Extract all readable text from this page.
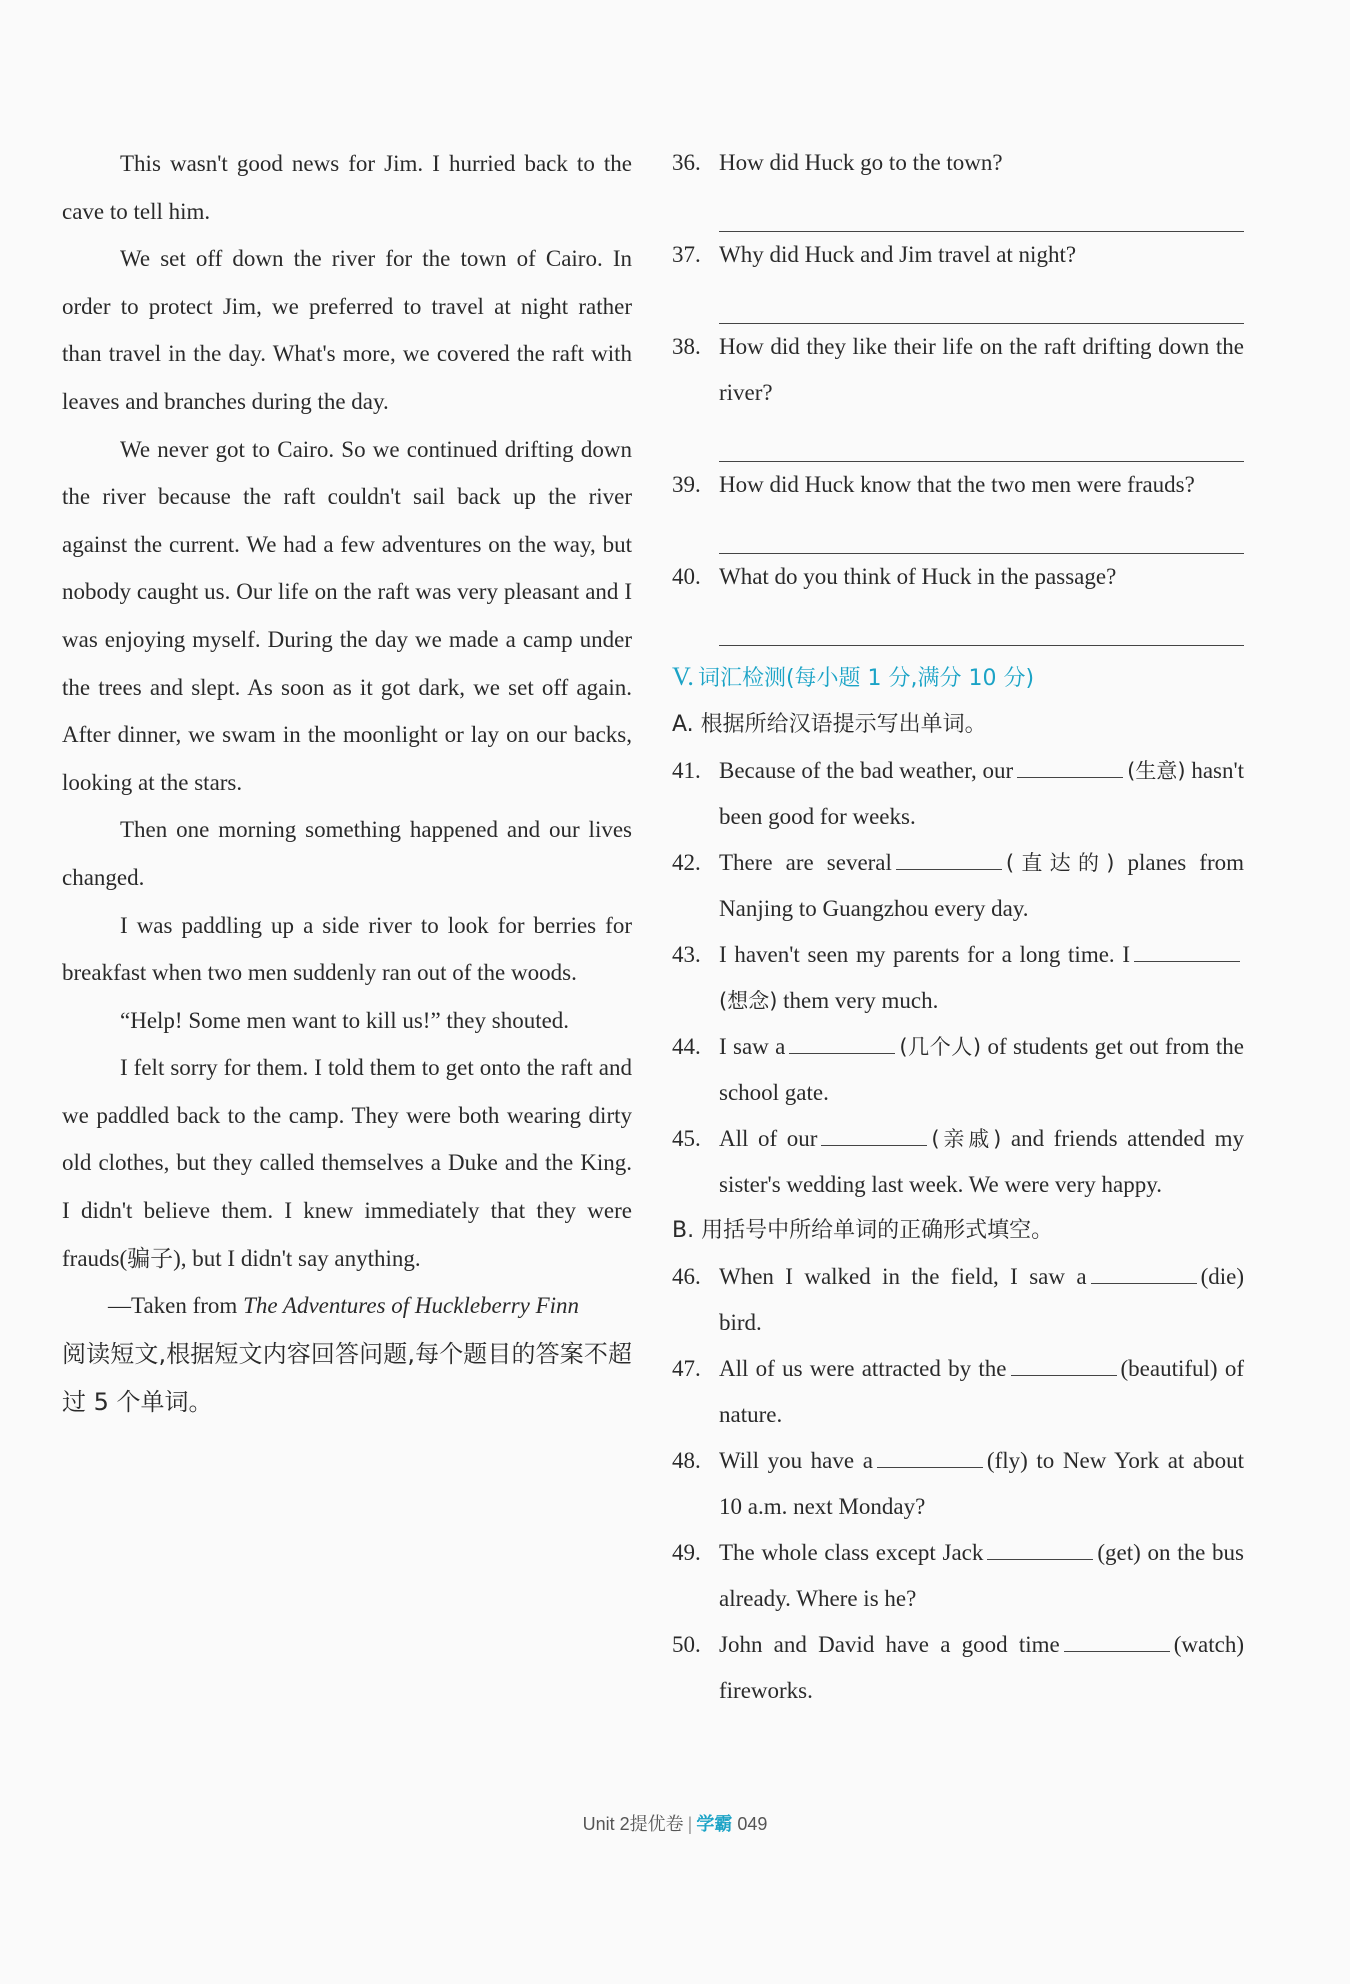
This wasn't good news for Jim. I hurried back to the cave to tell him.

We set off down the river for the town of Cairo. In order to protect Jim, we preferred to travel at night rather than travel in the day. What's more, we covered the raft with leaves and branches during the day.

We never got to Cairo. So we continued drifting down the river because the raft couldn't sail back up the river against the current. We had a few adventures on the way, but nobody caught us. Our life on the raft was very pleasant and I was enjoying myself. During the day we made a camp under the trees and slept. As soon as it got dark, we set off again. After dinner, we swam in the moonlight or lay on our backs, looking at the stars.

Then one morning something happened and our lives changed.

I was paddling up a side river to look for berries for breakfast when two men suddenly ran out of the woods.

“Help! Some men want to kill us!” they shouted.

I felt sorry for them. I told them to get onto the raft and we paddled back to the camp. They were both wearing dirty old clothes, but they called themselves a Duke and the King. I didn't believe them. I knew immediately that they were frauds(骗子), but I didn't say anything.

—Taken from The Adventures of Huckleberry Finn

阅读短文,根据短文内容回答问题,每个题目的答案不超过 5 个单词。

36. How did Huck go to the town?
37. Why did Huck and Jim travel at night?
38. How did they like their life on the raft drifting down the river?
39. How did Huck know that the two men were frauds?
40. What do you think of Huck in the passage?
V. 词汇检测(每小题 1 分,满分 10 分)
A. 根据所给汉语提示写出单词。
41. Because of the bad weather, our	(生意) hasn't been good for weeks.
42. There are several	(直达的) planes from Nanjing to Guangzhou every day.
43. I haven't seen my parents for a long time. I(想念) them very much.
44. I saw a	(几个人) of students get out from the school gate.
45. All of our	(亲戚) and friends attended my sister's wedding last week. We were very happy.
B. 用括号中所给单词的正确形式填空。
46. When I walked in the field, I saw a	(die) bird.
47. All of us were attracted by the	(beautiful) of nature.
48. Will you have a	(fly) to New York at about 10 a.m. next Monday?
49. The whole class except Jack	(get) on the bus already. Where is he?
50. John and David have a good time	(watch) fireworks.
Unit 2提优卷 | 学霸 049
